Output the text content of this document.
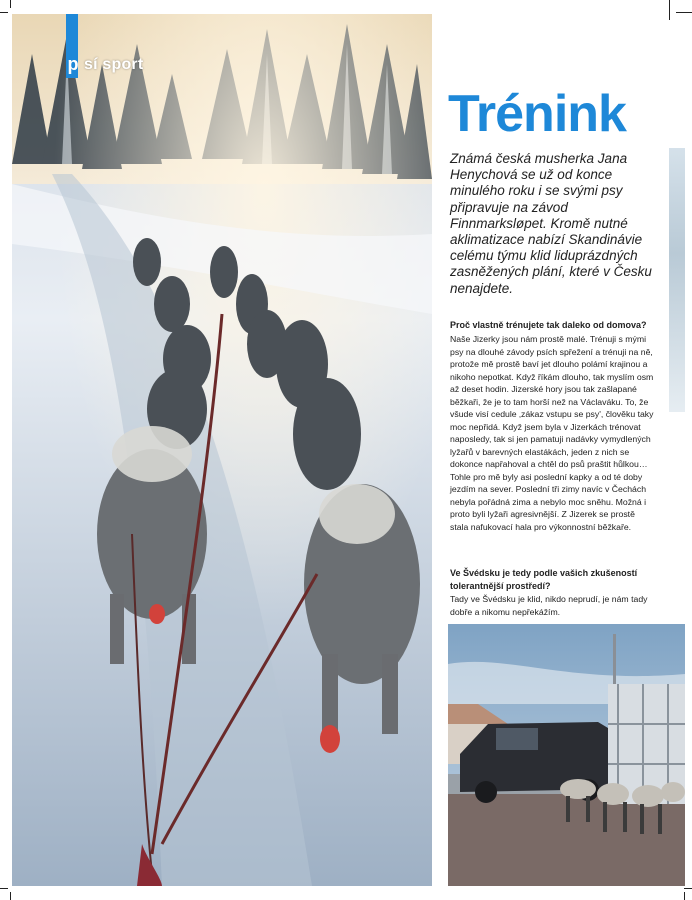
p sí sport
Trénink
Známá česká musherka Jana Henychová se už od konce minulého roku i se svými psy připravuje na závod Finnmarksløpet. Kromě nutné aklimatizace nabízí Skandinávie celému týmu klid liduprázdných zasněžených plání, které v Česku nenajdete.
Proč vlastně trénujete tak daleko od domova?
Naše Jizerky jsou nám prostě malé. Trénuji s mými psy na dlouhé závody psích spřežení a trénuji na ně, protože mě prostě baví jet dlouho polámí krajinou a nikoho nepotkat. Když říkám dlouho, tak myslím osm až deset hodin. Jizerské hory jsou tak zašlapané běžkaři, že je to tam horší než na Václaváku. To, že všude visí cedule ‚zákaz vstupu se psy', člověku taky moc nepřidá. Když jsem byla v Jizerkách trénovat naposledy, tak si jen pamatuji nadávky vymydlených lyžařů v barevných elastákách, jeden z nich se dokonce napřahoval a chtěl do psů praštit hůlkou… Tohle pro mě byly asi poslední kapky a od té doby jezdím na sever. Poslední tři zimy navíc v Čechách nebyla pořádná zima a nebylo moc sněhu. Možná i proto byli lyžaři agresivnější. Z Jizerek se prostě stala nafukovací hala pro výkonnostní běžkaře.
Ve Švédsku je tedy podle vašich zkušeností tolerantnější prostředí?
Tady ve Švédsku je klid, nikdo neprudí, je nám tady dobře a nikomu nepřekážím.
